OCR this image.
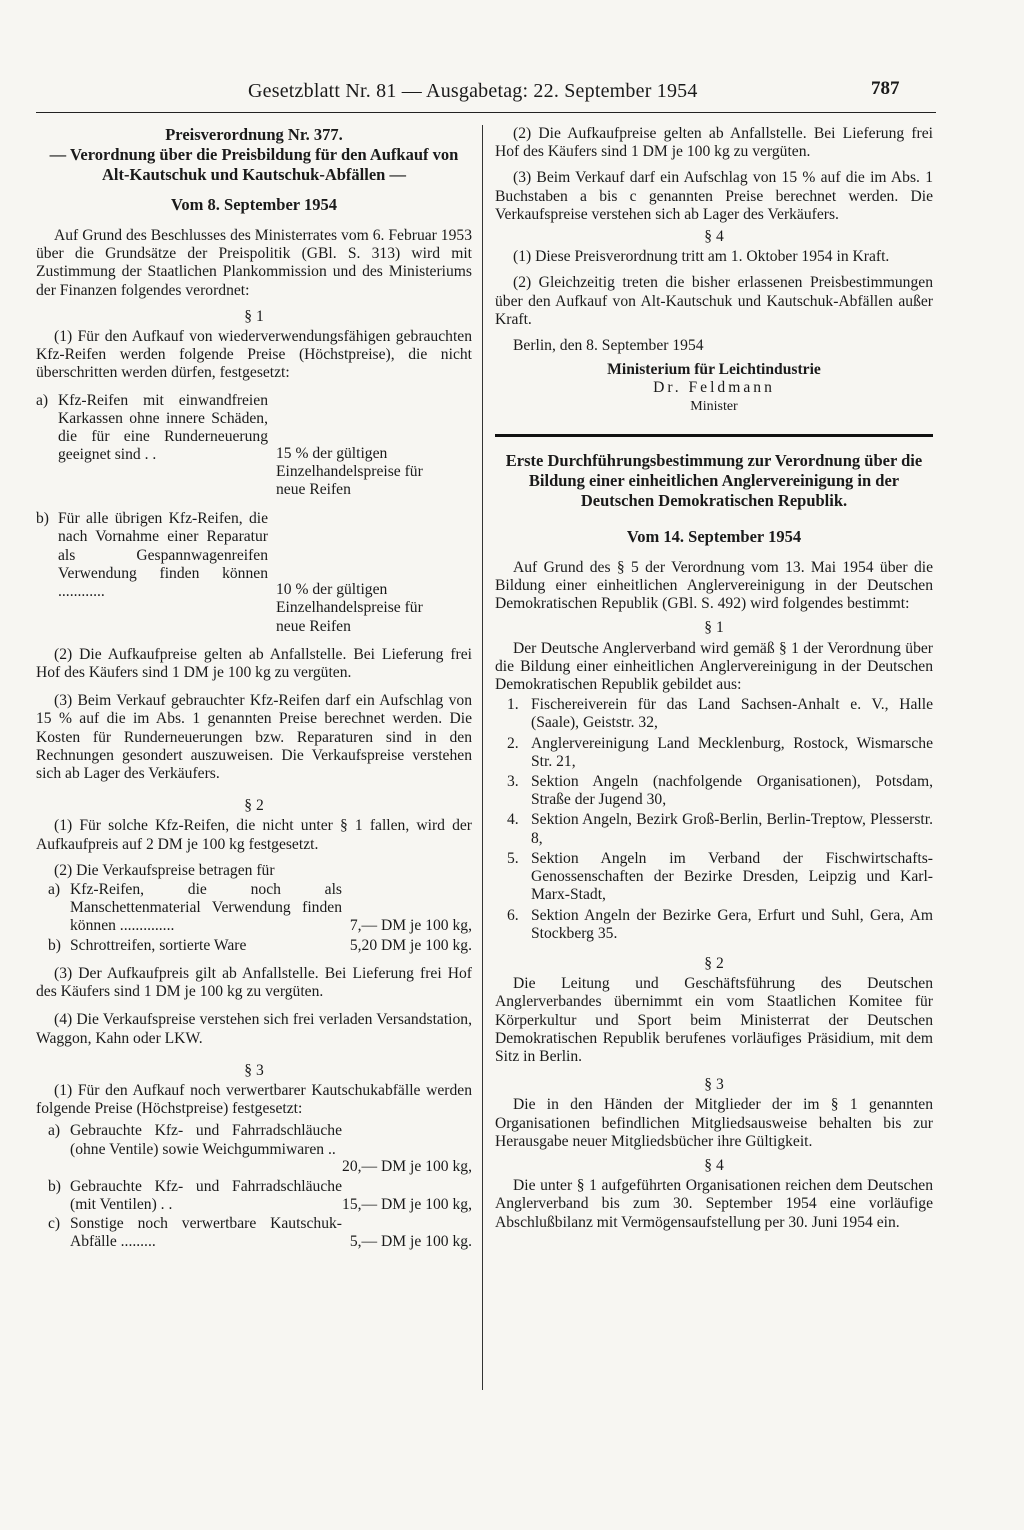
Gesetzblatt Nr. 81 — Ausgabetag: 22. September 1954	787

Preisverordnung Nr. 377.

— Verordnung über die Preisbildung für den Aufkauf von Alt-Kautschuk und Kautschuk-Abfällen —

Vom 8. September 1954

Auf Grund des Beschlusses des Ministerrates vom 6. Februar 1953 über die Grundsätze der Preispolitik (GBl. S. 313) wird mit Zustimmung der Staatlichen Plankommission und des Ministeriums der Finanzen folgendes verordnet:

§ 1

(1) Für den Aufkauf von wiederverwendungsfähigen gebrauchten Kfz-Reifen werden folgende Preise (Höchstpreise), die nicht überschritten werden dürfen, festgesetzt:

a) Kfz-Reifen mit einwandfreien Karkassen ohne innere Schäden, die für eine Runderneuerung geeignet sind . .	15 % der gültigen Einzelhandelspreise für neue Reifen
b) Für alle übrigen Kfz-Reifen, die nach Vornahme einer Reparatur als Gespannwagenreifen Verwendung finden können ............	10 % der gültigen Einzelhandelspreise für neue Reifen

(2) Die Aufkaufpreise gelten ab Anfallstelle. Bei Lieferung frei Hof des Käufers sind 1 DM je 100 kg zu vergüten.

(3) Beim Verkauf gebrauchter Kfz-Reifen darf ein Aufschlag von 15 % auf die im Abs. 1 genannten Preise berechnet werden. Die Kosten für Runderneuerungen bzw. Reparaturen sind in den Rechnungen gesondert auszuweisen. Die Verkaufspreise verstehen sich ab Lager des Verkäufers.

§ 2

(1) Für solche Kfz-Reifen, die nicht unter § 1 fallen, wird der Aufkaufpreis auf 2 DM je 100 kg festgesetzt.

(2) Die Verkaufspreise betragen für

a) Kfz-Reifen, die noch als Manschettenmaterial Verwendung finden können ..............	7,— DM je 100 kg,
b) Schrottreifen, sortierte Ware	5,20 DM je 100 kg.

(3) Der Aufkaufpreis gilt ab Anfallstelle. Bei Lieferung frei Hof des Käufers sind 1 DM je 100 kg zu vergüten.

(4) Die Verkaufspreise verstehen sich frei verladen Versandstation, Waggon, Kahn oder LKW.

§ 3

(1) Für den Aufkauf noch verwertbarer Kautschukabfälle werden folgende Preise (Höchstpreise) festgesetzt:

a) Gebrauchte Kfz- und Fahrradschläuche (ohne Ventile) sowie Weichgummiwaren ..
20,— DM je 100 kg,
b) Gebrauchte Kfz- und Fahrradschläuche (mit Ventilen) . .	15,— DM je 100 kg,
c) Sonstige noch verwertbare Kautschuk-Abfälle .........	5,— DM je 100 kg.

(2) Die Aufkaufpreise gelten ab Anfallstelle. Bei Lieferung frei Hof des Käufers sind 1 DM je 100 kg zu vergüten.

(3) Beim Verkauf darf ein Aufschlag von 15 % auf die im Abs. 1 Buchstaben a bis c genannten Preise berechnet werden. Die Verkaufspreise verstehen sich ab Lager des Verkäufers.

§ 4

(1) Diese Preisverordnung tritt am 1. Oktober 1954 in Kraft.

(2) Gleichzeitig treten die bisher erlassenen Preisbestimmungen über den Aufkauf von Alt-Kautschuk und Kautschuk-Abfällen außer Kraft.

Berlin, den 8. September 1954

Ministerium für Leichtindustrie

Dr. Feldmann

Minister

Erste Durchführungsbestimmung zur Verordnung über die Bildung einer einheitlichen Anglervereinigung in der Deutschen Demokratischen Republik.

Vom 14. September 1954

Auf Grund des § 5 der Verordnung vom 13. Mai 1954 über die Bildung einer einheitlichen Anglervereinigung in der Deutschen Demokratischen Republik (GBl. S. 492) wird folgendes bestimmt:

§ 1

Der Deutsche Anglerverband wird gemäß § 1 der Verordnung über die Bildung einer einheitlichen Anglervereinigung in der Deutschen Demokratischen Republik gebildet aus:

1. Fischereiverein für das Land Sachsen-Anhalt e. V., Halle (Saale), Geiststr. 32,
2. Anglervereinigung Land Mecklenburg, Rostock, Wismarsche Str. 21,
3. Sektion Angeln (nachfolgende Organisationen), Potsdam, Straße der Jugend 30,
4. Sektion Angeln, Bezirk Groß-Berlin, Berlin-Treptow, Plesserstr. 8,
5. Sektion Angeln im Verband der Fischwirtschafts-Genossenschaften der Bezirke Dresden, Leipzig und Karl-Marx-Stadt,
6. Sektion Angeln der Bezirke Gera, Erfurt und Suhl, Gera, Am Stockberg 35.

§ 2

Die Leitung und Geschäftsführung des Deutschen Anglerverbandes übernimmt ein vom Staatlichen Komitee für Körperkultur und Sport beim Ministerrat der Deutschen Demokratischen Republik berufenes vorläufiges Präsidium, mit dem Sitz in Berlin.

§ 3

Die in den Händen der Mitglieder der im § 1 genannten Organisationen befindlichen Mitgliedsausweise behalten bis zur Herausgabe neuer Mitgliedsbücher ihre Gültigkeit.

§ 4

Die unter § 1 aufgeführten Organisationen reichen dem Deutschen Anglerverband bis zum 30. September 1954 eine vorläufige Abschlußbilanz mit Vermögensaufstellung per 30. Juni 1954 ein.
